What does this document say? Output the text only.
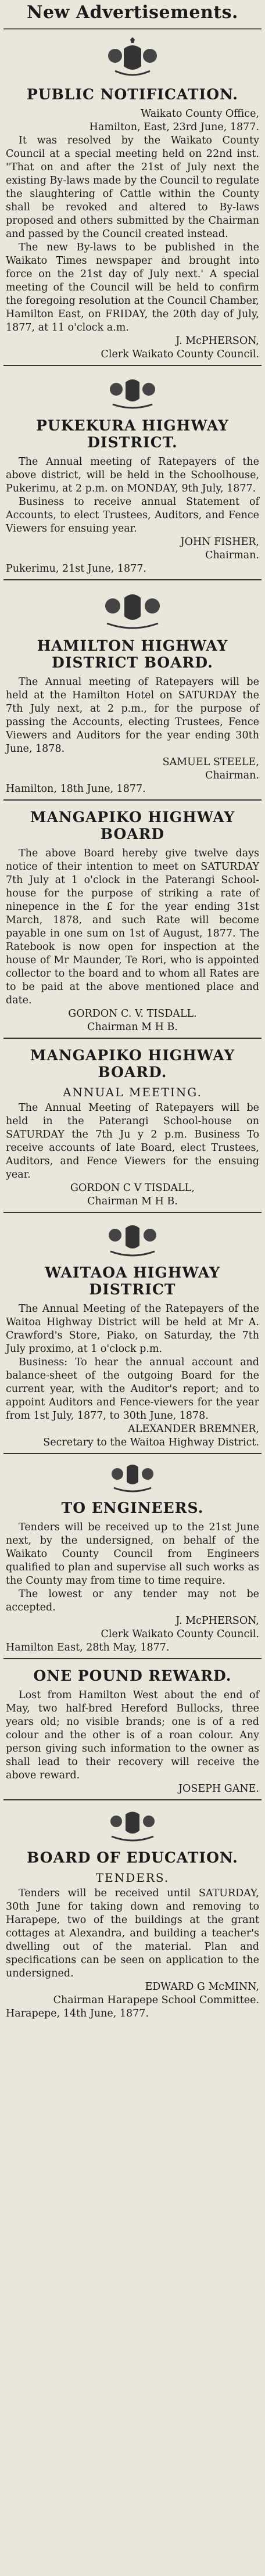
New Advertisements.
PUBLIC NOTIFICATION.
Waikato County Office,
Hamilton, East, 23rd June, 1877.

It was resolved by the Waikato County Council at a special meeting held on 22nd inst. "That on and after the 21st of July next the existing By-laws made by the Council to regulate the slaughtering of Cattle within the County shall be revoked and altered to By-laws proposed and others submitted by the Chairman and passed by the Council created instead.

The new By-laws to be published in the Waikato Times newspaper and brought into force on the 21st day of July next.' A special meeting of the Council will be held to confirm the foregoing resolution at the Council Chamber, Hamilton East, on FRIDAY, the 20th day of July, 1877, at 11 o'clock a.m.

J. McPHERSON,
Clerk Waikato County Council.
PUKEKURA HIGHWAY DISTRICT.

The Annual meeting of Ratepayers of the above district, will be held in the Schoolhouse, Pukerimu, at 2 p.m. on MONDAY, 9th July, 1877.

Business to receive annual Statement of Accounts, to elect Trustees, Auditors, and Fence Viewers for ensuing year.

JOHN FISHER,
Chairman.
Pukerimu, 21st June, 1877.
HAMILTON HIGHWAY DISTRICT BOARD.

The Annual meeting of Ratepayers will be held at the Hamilton Hotel on SATURDAY the 7th July next, at 2 p.m., for the purpose of passing the Accounts, electing Trustees, Fence Viewers and Auditors for the year ending 30th June, 1878.

SAMUEL STEELE,
Chairman.
Hamilton, 18th June, 1877.
MANGAPIKO HIGHWAY BOARD

The above Board hereby give twelve days notice of their intention to meet on SATURDAY 7th July at 1 o'clock in the Paterangi School-house for the purpose of striking a rate of ninepence in the £ for the year ending 31st March, 1878, and such Rate will become payable in one sum on 1st of August, 1877. The Ratebook is now open for inspection at the house of Mr Maunder, Te Rori, who is appointed collector to the board and to whom all Rates are to be paid at the above mentioned place and date.

GORDON C. V. TISDALL.
Chairman M H B.
MANGAPIKO HIGHWAY BOARD.
ANNUAL MEETING.

The Annual Meeting of Ratepayers will be held in the Paterangi School-house on SATURDAY the 7th Ju y 2 p.m. Business To receive accounts of late Board, elect Trustees, Auditors, and Fence Viewers for the ensuing year.

GORDON C V TISDALL,
Chairman M H B.
WAITAOA HIGHWAY DISTRICT

The Annual Meeting of the Ratepayers of the Waitoa Highway District will be held at Mr A. Crawford's Store, Piako, on Saturday, the 7th July proximo, at 1 o'clock p.m.

Business: To hear the annual account and balance-sheet of the outgoing Board for the current year, with the Auditor's report; and to appoint Auditors and Fence-viewers for the year from 1st July, 1877, to 30th June, 1878.

ALEXANDER BREMNER,
Secretary to the Waitoa Highway District.
TO ENGINEERS.

Tenders will be received up to the 21st June next, by the undersigned, on behalf of the Waikato County Council from Engineers qualified to plan and supervise all such works as the County may from time to time require.

The lowest or any tender may not be accepted.

J. McPHERSON,
Clerk Waikato County Council.
Hamilton East, 28th May, 1877.
ONE POUND REWARD.

Lost from Hamilton West about the end of May, two half-bred Hereford Bullocks, three years old; no visible brands; one is of a red colour and the other is of a roan colour. Any person giving such information to the owner as shall lead to their recovery will receive the above reward.

JOSEPH GANE.
BOARD OF EDUCATION.
TENDERS.

Tenders will be received until SATURDAY, 30th June for taking down and removing to Harapepe, two of the buildings at the grant cottages at Alexandra, and building a teacher's dwelling out of the material. Plan and specifications can be seen on application to the undersigned.

EDWARD G McMINN,
Chairman Harapepe School Committee.
Harapepe, 14th June, 1877.
